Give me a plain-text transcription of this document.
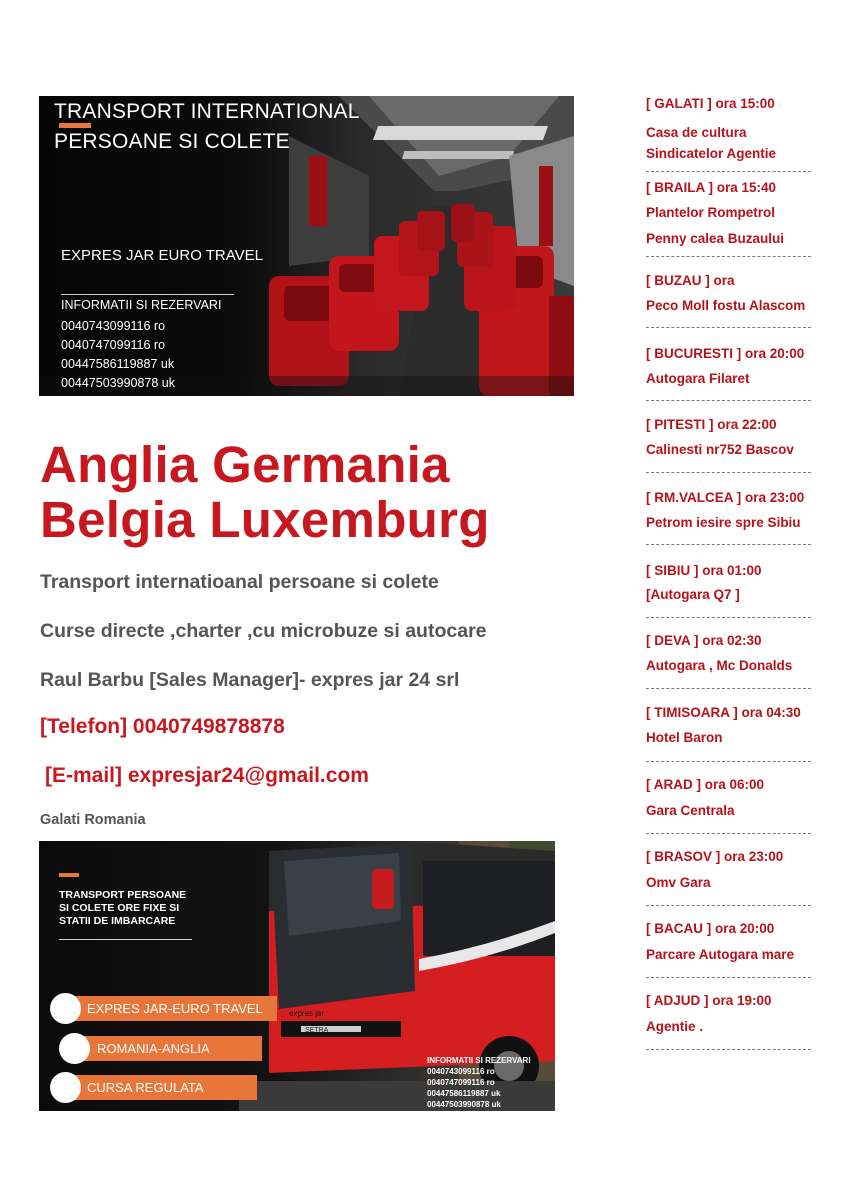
TRANSPORT INTERNATIONAL
PERSOANE SI COLETE
EXPRES JAR EURO TRAVEL
INFORMATII SI REZERVARI
0040743099116 ro
0040747099116 ro
00447586119887 uk
00447503990878 uk
Anglia Germania
Belgia Luxemburg
Transport internatioanal persoane si colete
Curse directe ,charter ,cu microbuze si autocare
Raul Barbu [Sales Manager]- expres jar 24 srl
[Telefon] 0040749878878
[E-mail] expresjar24@gmail.com
Galati Romania
SETRA
expres jar
TRANSPORT PERSOANE
SI COLETE ORE FIXE SI
STATII DE IMBARCARE
EXPRES JAR-EURO TRAVEL
ROMANIA-ANGLIA
CURSA REGULATA
INFORMATII SI REZERVARI
0040743099116 ro
0040747099116 ro
00447586119887 uk
00447503990878 uk
[ GALATI ] ora 15:00
Casa de cultura
Sindicatelor Agentie
[ BRAILA ] ora 15:40
Plantelor Rompetrol
Penny calea Buzaului
[ BUZAU ] ora
Peco Moll fostu Alascom
[ BUCURESTI ] ora 20:00
Autogara Filaret
[ PITESTI ] ora 22:00
Calinesti nr752 Bascov
[ RM.VALCEA ] ora 23:00
Petrom iesire spre Sibiu
[ SIBIU ] ora 01:00
[Autogara Q7 ]
[ DEVA ] ora 02:30
Autogara , Mc Donalds
[ TIMISOARA ] ora 04:30
Hotel Baron
[ ARAD ] ora 06:00
Gara Centrala
[ BRASOV ] ora 23:00
Omv Gara
[ BACAU ] ora 20:00
Parcare Autogara mare
[ ADJUD ] ora 19:00
Agentie .
